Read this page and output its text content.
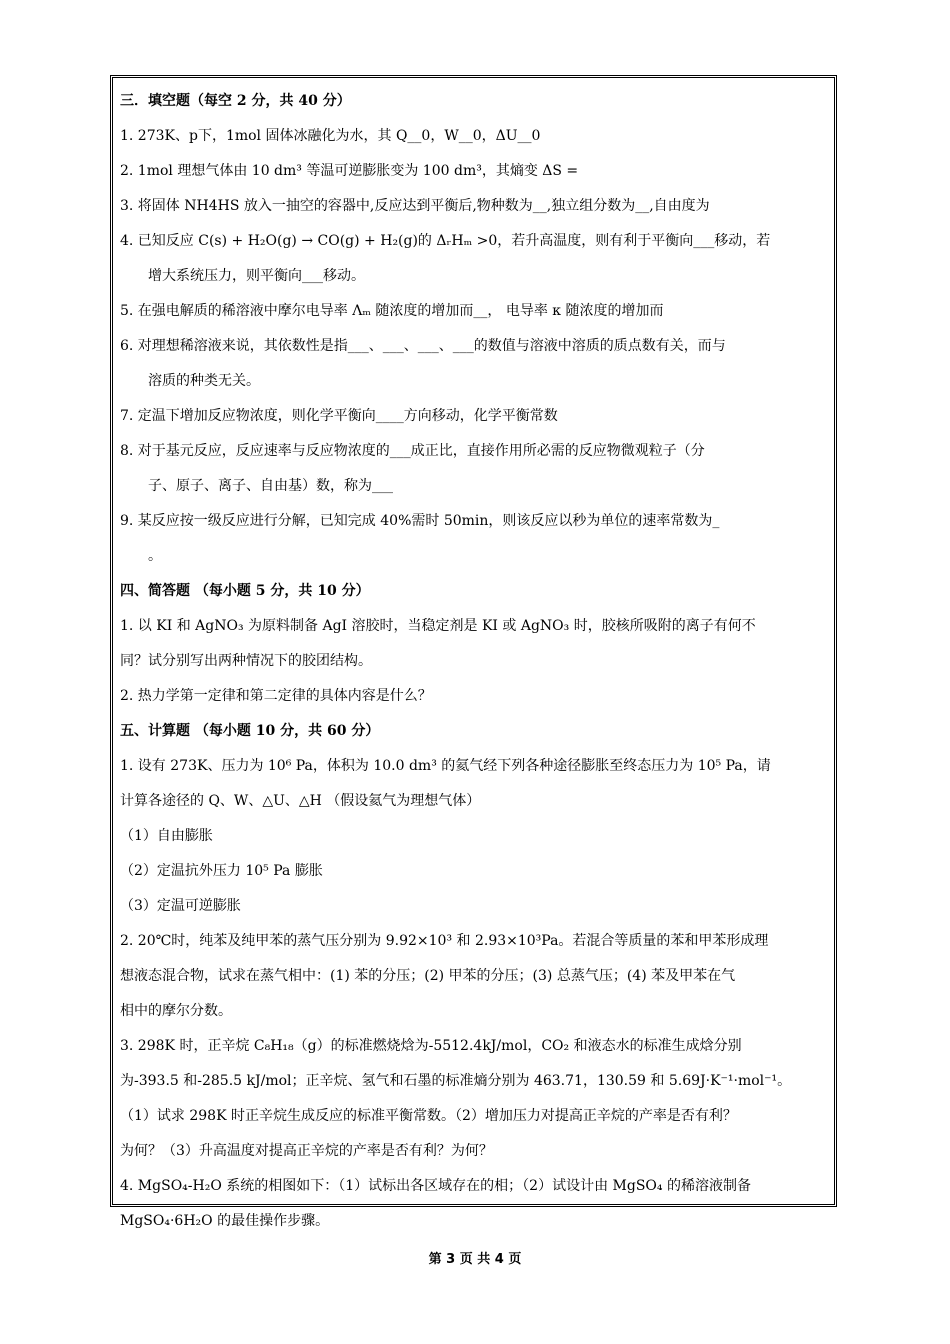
三．填空题（每空 2 分，共 40 分）
1. 273K、p下，1mol 固体冰融化为水，其 Q__0，W__0，ΔU__0
2. 1mol 理想气体由 10 dm³ 等温可逆膨胀变为 100 dm³，其熵变 ΔS =
3. 将固体 NH4HS 放入一抽空的容器中,反应达到平衡后,物种数为__,独立组分数为__,自由度为
4. 已知反应 C(s) + H₂O(g) → CO(g) + H₂(g)的 ΔᵣHₘ >0，若升高温度，则有利于平衡向___移动，若
增大系统压力，则平衡向___移动。
5. 在强电解质的稀溶液中摩尔电导率 Λₘ 随浓度的增加而__， 电导率 κ 随浓度的增加而
6. 对理想稀溶液来说，其依数性是指___、___、___、___的数值与溶液中溶质的质点数有关，而与
溶质的种类无关。
7. 定温下增加反应物浓度，则化学平衡向____方向移动，化学平衡常数
8. 对于基元反应，反应速率与反应物浓度的___成正比，直接作用所必需的反应物微观粒子（分
子、原子、离子、自由基）数，称为___
9. 某反应按一级反应进行分解，已知完成 40%需时 50min，则该反应以秒为单位的速率常数为_
。
四、简答题 （每小题 5 分，共 10 分）
1. 以 KI 和 AgNO₃ 为原料制备 AgI 溶胶时，当稳定剂是 KI 或 AgNO₃ 时，胶核所吸附的离子有何不
同？试分别写出两种情况下的胶团结构。
2. 热力学第一定律和第二定律的具体内容是什么？
五、计算题 （每小题 10 分，共 60 分）
1. 设有 273K、压力为 10⁶ Pa，体积为 10.0 dm³ 的氦气经下列各种途径膨胀至终态压力为 10⁵ Pa，请
计算各途径的 Q、W、△U、△H （假设氦气为理想气体）
（1）自由膨胀
（2）定温抗外压力 10⁵ Pa 膨胀
（3）定温可逆膨胀
2. 20℃时，纯苯及纯甲苯的蒸气压分别为 9.92×10³ 和 2.93×10³Pa。若混合等质量的苯和甲苯形成理
想液态混合物，试求在蒸气相中：(1) 苯的分压；(2) 甲苯的分压；(3) 总蒸气压；(4) 苯及甲苯在气
相中的摩尔分数。
3. 298K 时，正辛烷 C₈H₁₈（g）的标准燃烧焓为-5512.4kJ/mol，CO₂ 和液态水的标准生成焓分别
为-393.5 和-285.5 kJ/mol；正辛烷、氢气和石墨的标准熵分别为 463.71，130.59 和 5.69J·K⁻¹·mol⁻¹。
（1）试求 298K 时正辛烷生成反应的标准平衡常数。（2）增加压力对提高正辛烷的产率是否有利？
为何？（3）升高温度对提高正辛烷的产率是否有利？为何？
4. MgSO₄-H₂O 系统的相图如下：（1）试标出各区域存在的相；（2）试设计由 MgSO₄ 的稀溶液制备
MgSO₄·6H₂O 的最佳操作步骤。
第 3 页 共 4 页
